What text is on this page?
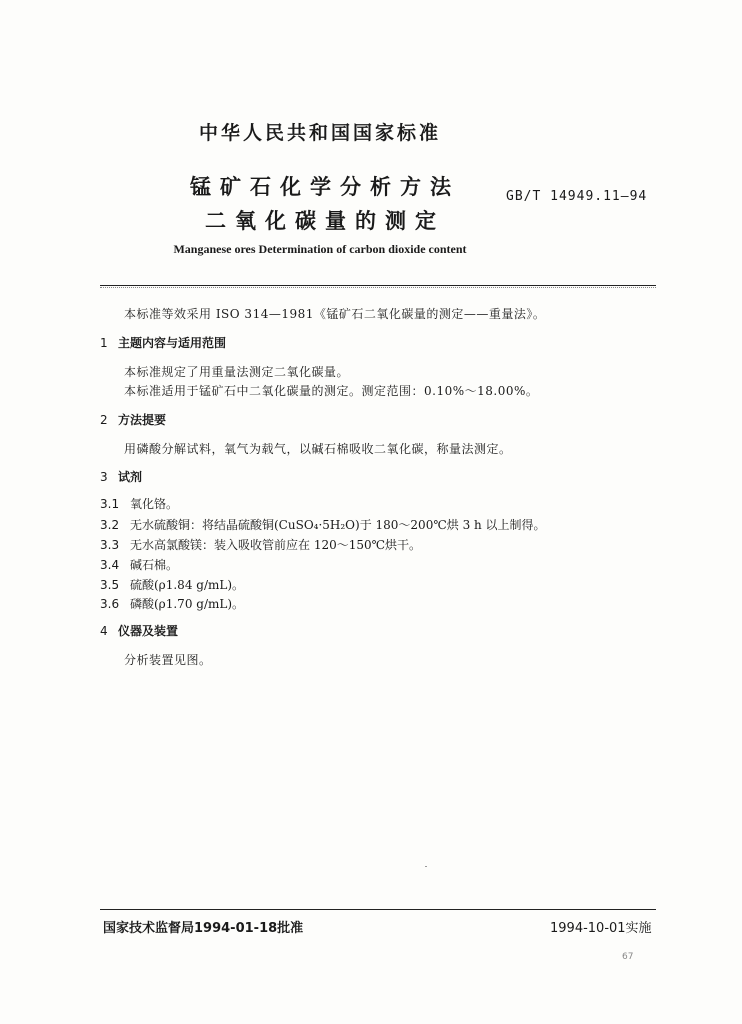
中华人民共和国国家标准
锰矿石化学分析方法
二氧化碳量的测定
GB/T 14949.11—94
Manganese ores Determination of carbon dioxide content
本标准等效采用 ISO 314—1981《锰矿石二氧化碳量的测定——重量法》。
1 主题内容与适用范围
本标准规定了用重量法测定二氧化碳量。
本标准适用于锰矿石中二氧化碳量的测定。测定范围：0.10%～18.00%。
2 方法提要
用磷酸分解试料，氧气为载气，以碱石棉吸收二氧化碳，称量法测定。
3 试剂
3.1 氧化铬。
3.2 无水硫酸铜：将结晶硫酸铜(CuSO₄·5H₂O)于 180～200℃烘 3 h 以上制得。
3.3 无水高氯酸镁：装入吸收管前应在 120～150℃烘干。
3.4 碱石棉。
3.5 硫酸(ρ1.84 g/mL)。
3.6 磷酸(ρ1.70 g/mL)。
4 仪器及装置
分析装置见图。
国家技术监督局1994-01-18批准	1994-10-01实施
67
